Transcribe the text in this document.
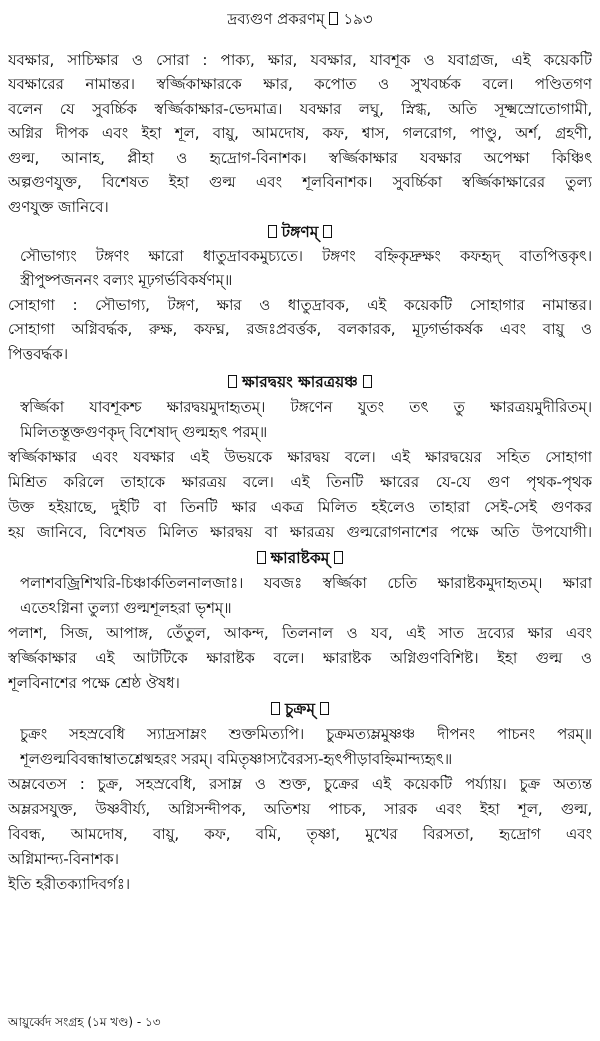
দ্রব্যগুণ প্রকরণম্ ১৯৩
যবক্ষার, সাচিক্ষার ও সোরা : পাক্য, ক্ষার, যবক্ষার, যাবশূক ও যবাগ্রজ, এই কয়েকটি
যবক্ষারের নামান্তর। স্বর্জ্জিকাক্ষারকে ক্ষার, কপোত ও সুখবর্চ্চক বলে। পণ্ডিতগণ
বলেন যে সুবর্চ্চিক স্বর্জ্জিকাক্ষার-ভেদমাত্র। যবক্ষার লঘু, স্নিগ্ধ, অতি সূক্ষ্মস্রোতোগামী,
অগ্নির দীপক এবং ইহা শূল, বায়ু, আমদোষ, কফ, শ্বাস, গলরোগ, পাণ্ডু, অর্শ, গ্রহণী,
গুল্ম, আনাহ, প্লীহা ও হৃদ্রোগ-বিনাশক। স্বর্জ্জিকাক্ষার যবক্ষার অপেক্ষা কিঞ্চিৎ
অল্পগুণযুক্ত, বিশেষত ইহা গুল্ম এবং শূলবিনাশক। সুবর্চ্চিকা স্বর্জ্জিকাক্ষারের তুল্য
গুণযুক্ত জানিবে।
টঙ্গণম্
সৌভাগ্যং টঙ্গণং ক্ষারো ধাতুদ্রাবকমুচ্যতে। টঙ্গণং বহ্নিকৃদ্রুক্ষং কফহৃদ্ বাতপিত্তকৃৎ।
স্ত্রীপুষ্পজননং বল্যং মূঢ়গর্ভবিকর্ষণম্॥
সোহাগা : সৌভাগ্য, টঙ্গণ, ক্ষার ও ধাতুদ্রাবক, এই কয়েকটি সোহাগার নামান্তর।
সোহাগা অগ্নিবর্দ্ধক, রুক্ষ, কফঘ্ন, রজঃপ্রবর্ত্তক, বলকারক, মূঢ়গর্ভাকর্ষক এবং বায়ু ও
পিত্তবর্দ্ধক।
ক্ষারদ্বয়ং ক্ষারত্রয়ঞ্চ
স্বর্জ্জিকা যাবশূকশ্চ ক্ষারদ্বয়মুদাহৃতম্। টঙ্গণেন যুতং তৎ তু ক্ষারত্রয়মুদীরিতম্।
মিলিতস্তূক্তগুণকৃদ্ বিশেষাদ্ গুল্মহৃৎ পরম্॥
স্বর্জ্জিকাক্ষার এবং যবক্ষার এই উভয়কে ক্ষারদ্বয় বলে। এই ক্ষারদ্বয়ের সহিত সোহাগা
মিশ্রিত করিলে তাহাকে ক্ষারত্রয় বলে। এই তিনটি ক্ষারের যে-যে গুণ পৃথক-পৃথক
উক্ত হইয়াছে, দুইটি বা তিনটি ক্ষার একত্র মিলিত হইলেও তাহারা সেই-সেই গুণকর
হয় জানিবে, বিশেষত মিলিত ক্ষারদ্বয় বা ক্ষারত্রয় গুল্মরোগনাশের পক্ষে অতি উপযোগী।
ক্ষারাষ্টকম্
পলাশবজ্রিশিখরি-চিঞ্চার্কতিলনালজাঃ। যবজঃ স্বর্জ্জিকা চেতি ক্ষারাষ্টকমুদাহৃতম্। ক্ষারা
এতেঽগ্নিনা তুল্যা গুল্মশূলহরা ভৃশম্॥
পলাশ, সিজ, আপাঙ্গ, তেঁতুল, আকন্দ, তিলনাল ও যব, এই সাত দ্রব্যের ক্ষার এবং
স্বর্জ্জিকাক্ষার এই আটটিকে ক্ষারাষ্টক বলে। ক্ষারাষ্টক অগ্নিগুণবিশিষ্ট। ইহা গুল্ম ও
শূলবিনাশের পক্ষে শ্রেষ্ঠ ঔষধ।
চুক্রম্
চুক্রং সহস্রবেধি স্যাদ্রসাম্লং শুক্তমিত্যপি। চুক্রমত্যম্লমুষ্ণঞ্চ দীপনং পাচনং পরম্॥
শূলগুল্মবিবন্ধাম্বাতশ্লেষ্মহরং সরম্। বমিতৃষ্ণাস্যবৈরস্য-হৃৎপীড়াবহ্নিমান্দ্যহৃৎ॥
অম্লবেতস : চুক্র, সহস্রবেধি, রসাম্ল ও শুক্ত, চুক্রের এই কয়েকটি পর্য্যায়। চুক্র অত্যন্ত
অম্লরসযুক্ত, উষ্ণবীর্য্য, অগ্নিসন্দীপক, অতিশয় পাচক, সারক এবং ইহা শূল, গুল্ম,
বিবন্ধ, আমদোষ, বায়ু, কফ, বমি, তৃষ্ণা, মুখের বিরসতা, হৃদ্রোগ এবং
অগ্নিমান্দ্য-বিনাশক।
ইতি হরীতক্যাদিবর্গঃ।
আয়ুর্ব্বেদ সংগ্রহ (১ম খণ্ড) - ১৩
